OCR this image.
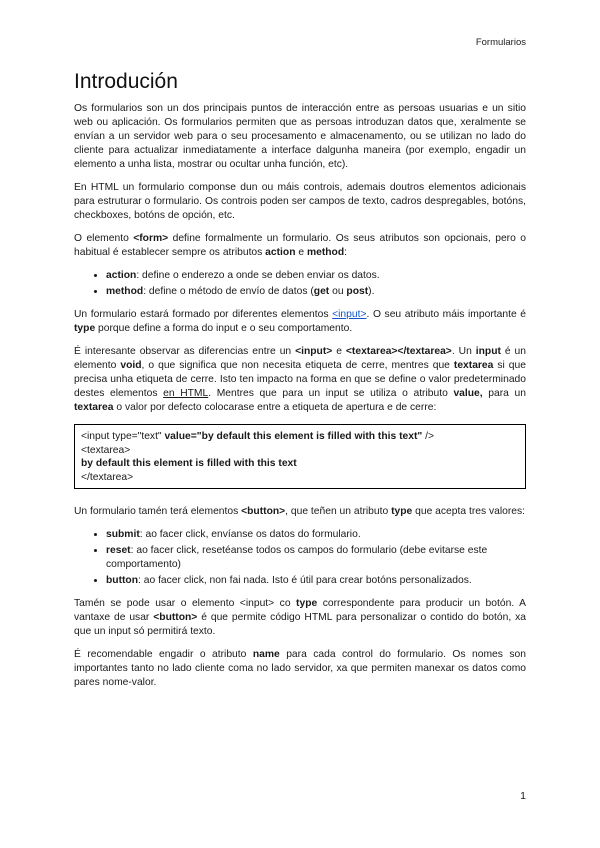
Formularios
Introdución

Os formularios son un dos principais puntos de interacción entre as persoas usuarias e un sitio web ou aplicación. Os formularios permiten que as persoas introduzan datos que, xeralmente se envían a un servidor web para o seu procesamento e almacenamento, ou se utilizan no lado do cliente para actualizar inmediatamente a interface dalgunha maneira (por exemplo, engadir un elemento a unha lista, mostrar ou ocultar unha función, etc).

En HTML un formulario componse dun ou máis controis, ademais doutros elementos adicionais para estruturar o formulario. Os controis poden ser campos de texto, cadros despregables, botóns, checkboxes, botóns de opción, etc.

O elemento <form> define formalmente un formulario. Os seus atributos son opcionais, pero o habitual é establecer sempre os atributos action e method:

• action: define o enderezo a onde se deben enviar os datos.
• method: define o método de envío de datos (get ou post).

Un formulario estará formado por diferentes elementos <input>. O seu atributo máis importante é type porque define a forma do input e o seu comportamento.

É interesante observar as diferencias entre un <input> e <textarea></textarea>. Un input é un elemento void, o que significa que non necesita etiqueta de cerre, mentres que textarea si que precisa unha etiqueta de cerre. Isto ten impacto na forma en que se define o valor predeterminado destes elementos en HTML. Mentres que para un input se utiliza o atributo value, para un textarea o valor por defecto colocarase entre a etiqueta de apertura e de cerre:

<input type="text" value="by default this element is filled with this text" />
<textarea>
by default this element is filled with this text
</textarea>

Un formulario tamén terá elementos <button>, que teñen un atributo type que acepta tres valores:

• submit: ao facer click, envíanse os datos do formulario.
• reset: ao facer click, resetéanse todos os campos do formulario (debe evitarse este comportamento)
• button: ao facer click, non fai nada. Isto é útil para crear botóns personalizados.

Tamén se pode usar o elemento <input> co type correspondente para producir un botón. A vantaxe de usar <button> é que permite código HTML para personalizar o contido do botón, xa que un input só permitirá texto.

É recomendable engadir o atributo name para cada control do formulario. Os nomes son importantes tanto no lado cliente coma no lado servidor, xa que permiten manexar os datos como pares nome-valor.

1
